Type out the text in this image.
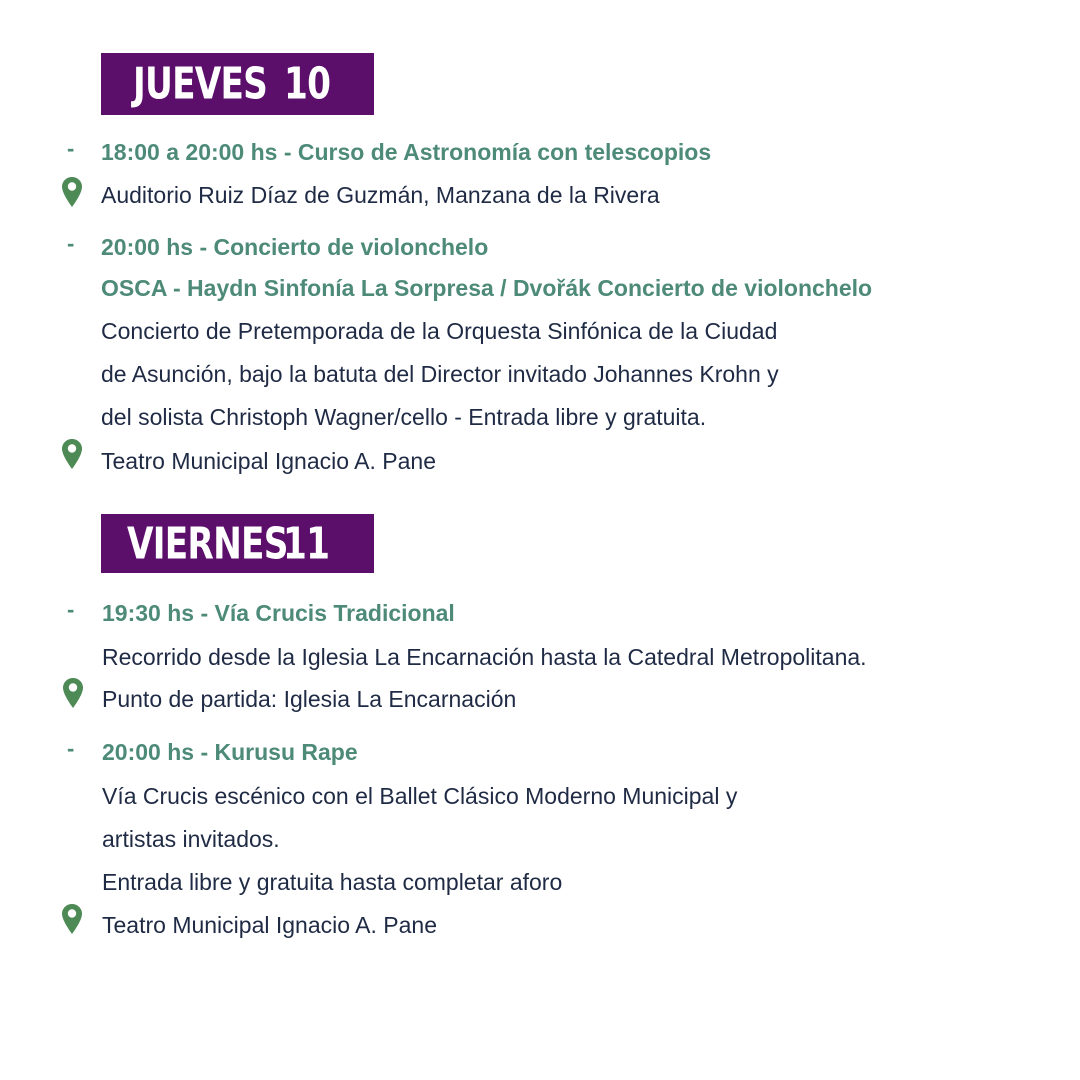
JUEVES 10
- 18:00 a 20:00 hs - Curso de Astronomía con telescopios
Auditorio Ruiz Díaz de Guzmán, Manzana de la Rivera
- 20:00 hs - Concierto de violonchelo
OSCA - Haydn Sinfonía La Sorpresa / Dvořák Concierto de violonchelo
Concierto de Pretemporada de la Orquesta Sinfónica de la Ciudad
de Asunción, bajo la batuta del Director invitado Johannes Krohn y
del solista Christoph Wagner/cello - Entrada libre y gratuita.
Teatro Municipal Ignacio A. Pane
VIERNES
11
- 19:30 hs - Vía Crucis Tradicional
Recorrido desde la Iglesia La Encarnación hasta la Catedral Metropolitana.
Punto de partida: Iglesia La Encarnación
- 20:00 hs - Kurusu Rape
Vía Crucis escénico con el Ballet Clásico Moderno Municipal y
artistas invitados.
Entrada libre y gratuita hasta completar aforo
Teatro Municipal Ignacio A. Pane
